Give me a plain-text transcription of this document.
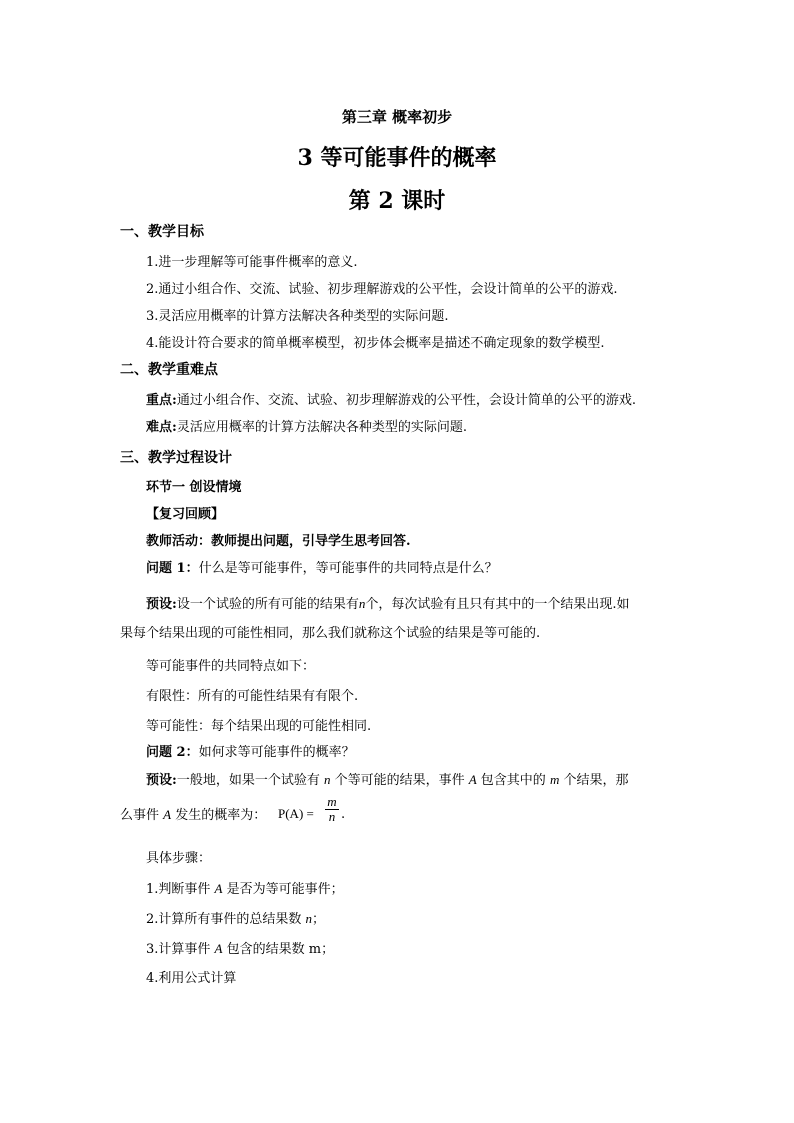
第三章 概率初步
3 等可能事件的概率
第 2 课时
一、教学目标
1.进一步理解等可能事件概率的意义.
2.通过小组合作、交流、试验、初步理解游戏的公平性，会设计简单的公平的游戏.
3.灵活应用概率的计算方法解决各种类型的实际问题.
4.能设计符合要求的简单概率模型，初步体会概率是描述不确定现象的数学模型.
二、教学重难点
重点:通过小组合作、交流、试验、初步理解游戏的公平性，会设计简单的公平的游戏.
难点:灵活应用概率的计算方法解决各种类型的实际问题.
三、教学过程设计
环节一 创设情境
【复习回顾】
教师活动：教师提出问题，引导学生思考回答.
问题 1：什么是等可能事件，等可能事件的共同特点是什么？
预设:设一个试验的所有可能的结果有n个，每次试验有且只有其中的一个结果出现.如
果每个结果出现的可能性相同，那么我们就称这个试验的结果是等可能的.
等可能事件的共同特点如下：
有限性：所有的可能性结果有有限个.
等可能性：每个结果出现的可能性相同.
问题 2：如何求等可能事件的概率？
预设:一般地，如果一个试验有 n 个等可能的结果，事件 A 包含其中的 m 个结果，那
么事件 A 发生的概率为： $P(A) = \frac{m}{n}$ .
具体步骤：
1.判断事件 A 是否为等可能事件；
2.计算所有事件的总结果数 n；
3.计算事件 A 包含的结果数 m；
4.利用公式计算
